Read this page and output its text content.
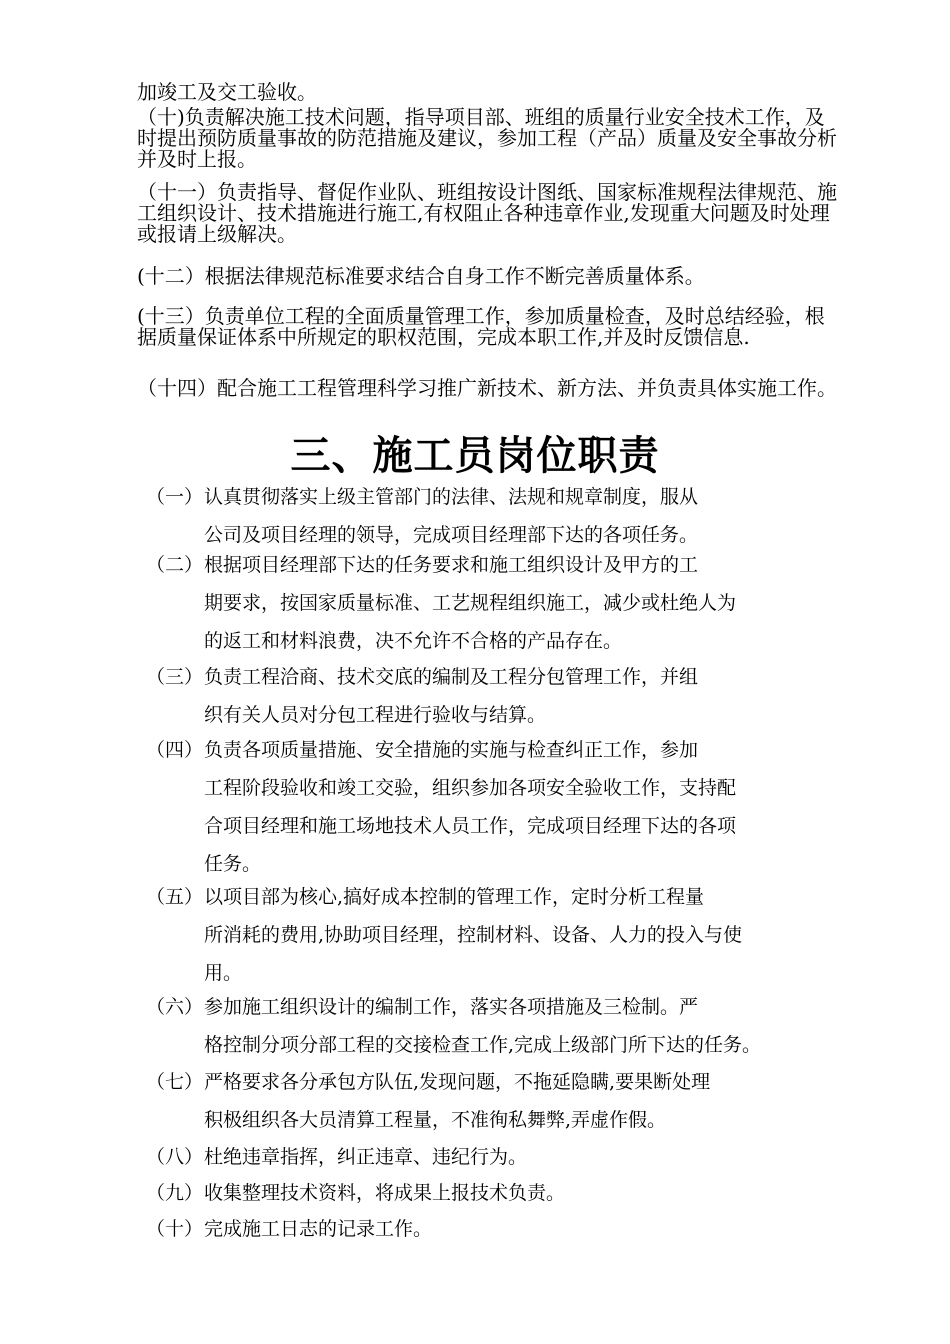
加竣工及交工验收。
（十)负责解决施工技术问题，指导项目部、班组的质量行业安全技术工作，及时提出预防质量事故的防范措施及建议，参加工程（产品）质量及安全事故分析并及时上报。
（十一）负责指导、督促作业队、班组按设计图纸、国家标准规程法律规范、施工组织设计、技术措施进行施工,有权阻止各种违章作业,发现重大问题及时处理或报请上级解决。
(十二）根据法律规范标准要求结合自身工作不断完善质量体系。
(十三）负责单位工程的全面质量管理工作，参加质量检查，及时总结经验，根据质量保证体系中所规定的职权范围，完成本职工作,并及时反馈信息.
（十四）配合施工工程管理科学习推广新技术、新方法、并负责具体实施工作。
三、施工员岗位职责
（一） 认真贯彻落实上级主管部门的法律、法规和规章制度，服从
公司及项目经理的领导，完成项目经理部下达的各项任务。
（二） 根据项目经理部下达的任务要求和施工组织设计及甲方的工
期要求，按国家质量标准、工艺规程组织施工，减少或杜绝人为
的返工和材料浪费，决不允许不合格的产品存在。
（三） 负责工程洽商、技术交底的编制及工程分包管理工作，并组
织有关人员对分包工程进行验收与结算。
（四） 负责各项质量措施、安全措施的实施与检查纠正工作，参加
工程阶段验收和竣工交验，组织参加各项安全验收工作，支持配
合项目经理和施工场地技术人员工作，完成项目经理下达的各项
任务。
（五） 以项目部为核心,搞好成本控制的管理工作，定时分析工程量
所消耗的费用,协助项目经理，控制材料、设备、人力的投入与使
用。
（六） 参加施工组织设计的编制工作，落实各项措施及三检制。严
格控制分项分部工程的交接检查工作,完成上级部门所下达的任务。
（七） 严格要求各分承包方队伍,发现问题，不拖延隐瞒,要果断处理
积极组织各大员清算工程量，不准徇私舞弊,弄虚作假。
（八） 杜绝违章指挥，纠正违章、违纪行为。
（九） 收集整理技术资料，将成果上报技术负责。
（十） 完成施工日志的记录工作。
